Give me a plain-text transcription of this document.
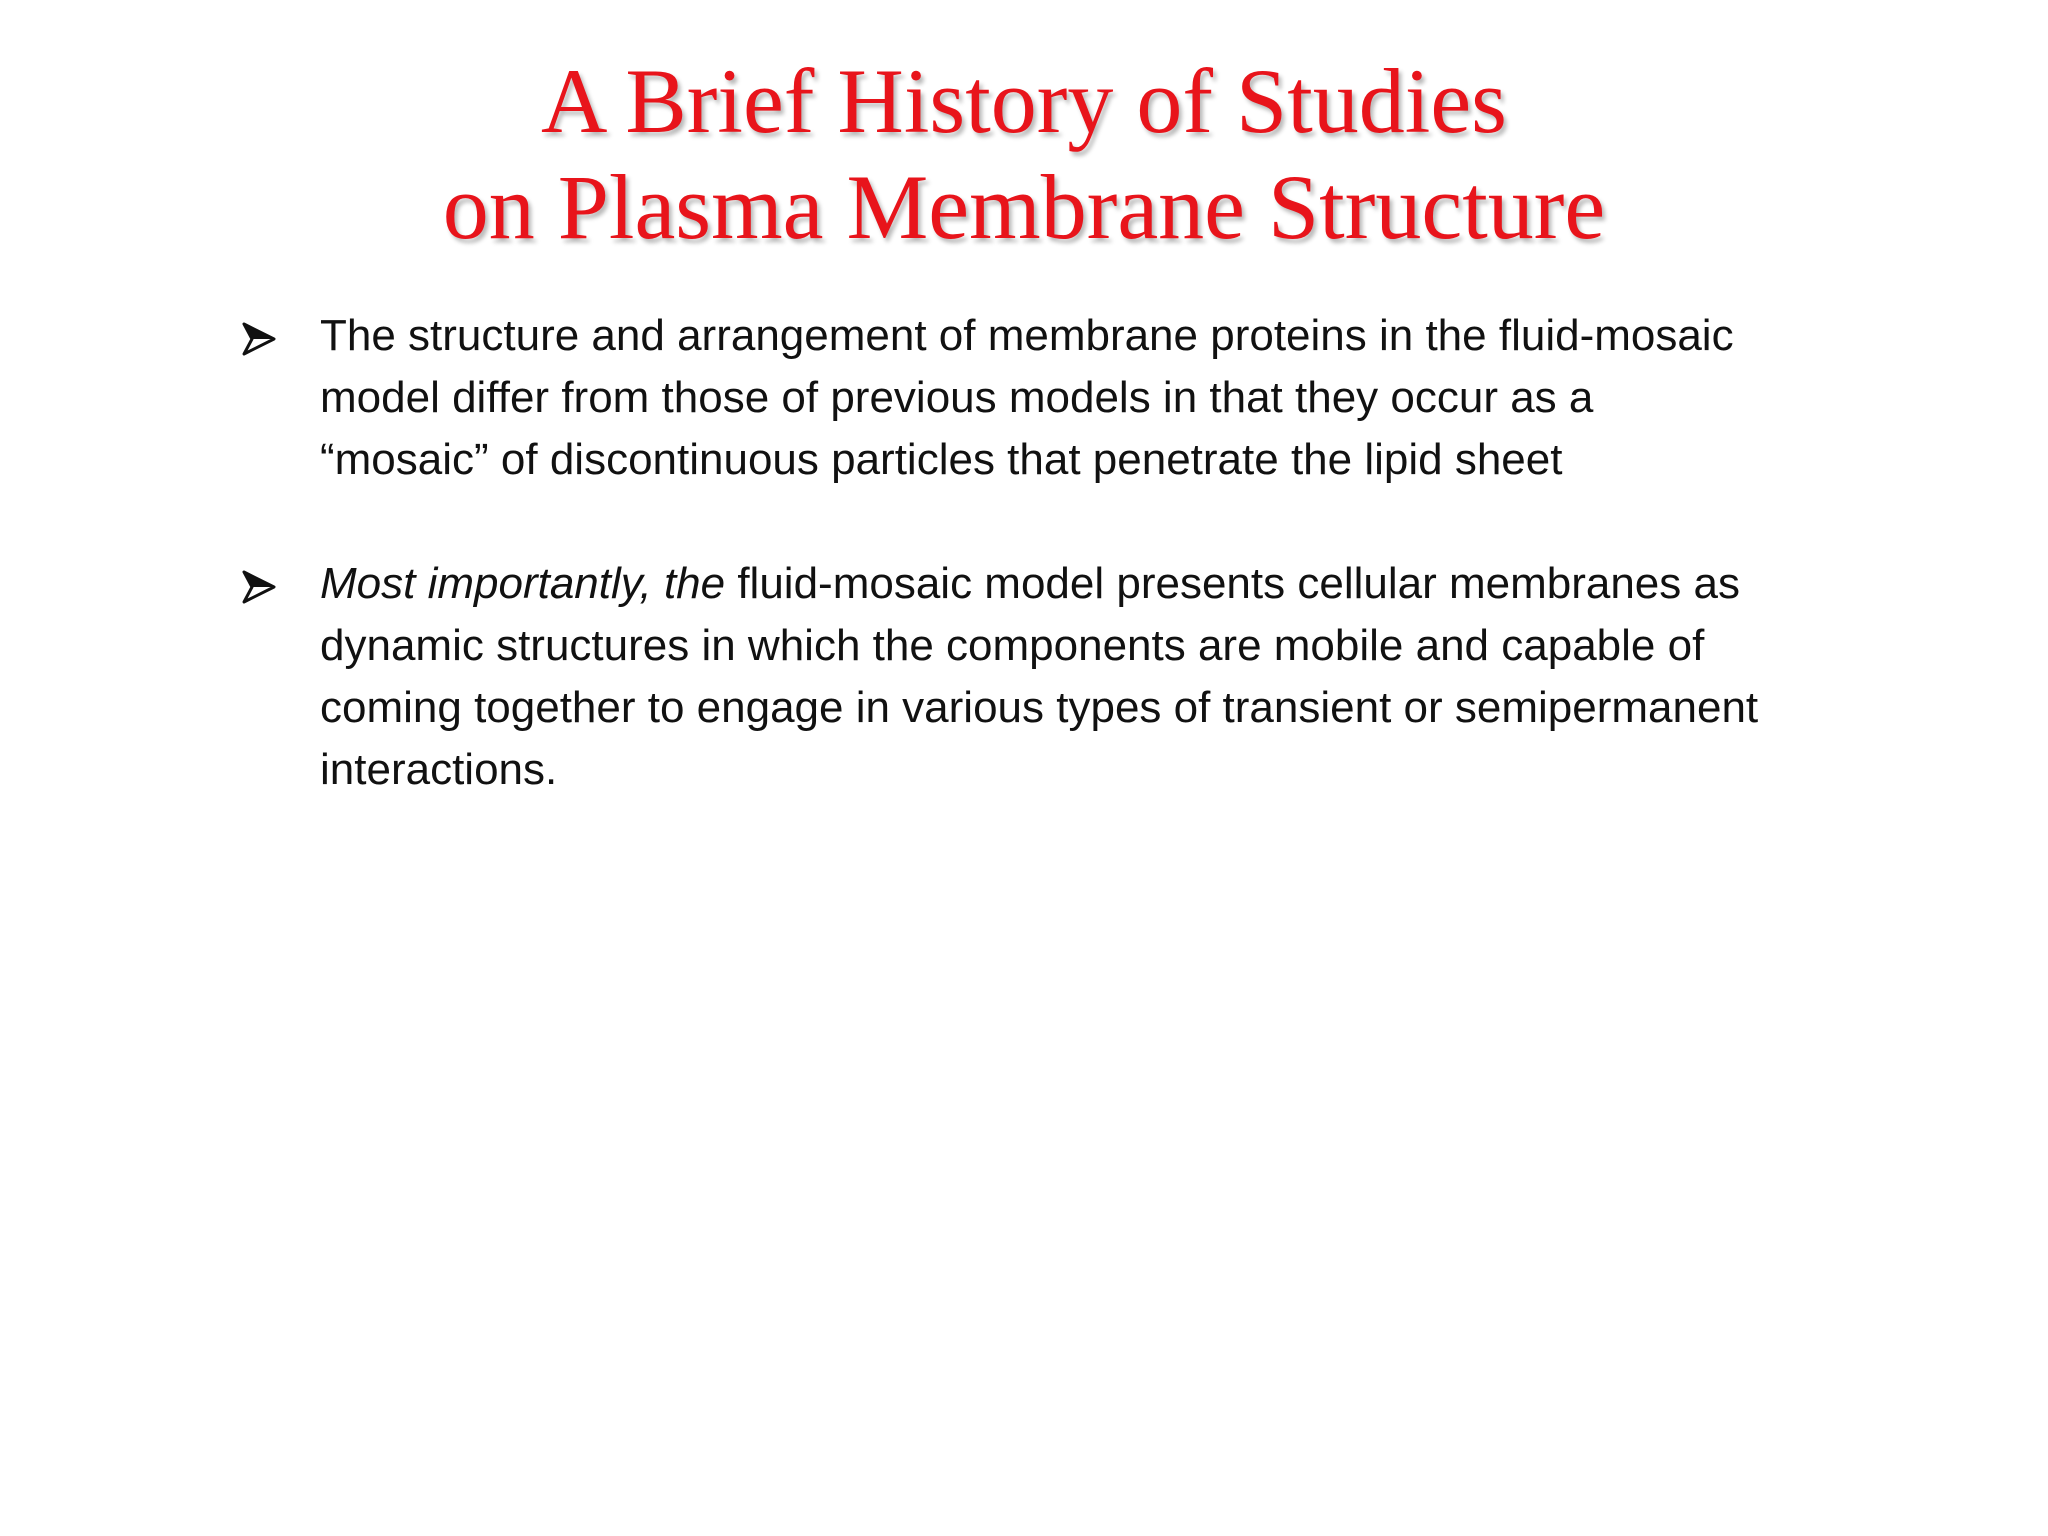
A Brief History of Studies
on Plasma Membrane Structure
The structure and arrangement of membrane proteins in the fluid-mosaic
model differ from those of previous models in that they occur as a
“mosaic” of discontinuous particles that penetrate the lipid sheet
Most importantly, the fluid-mosaic model presents cellular membranes as
dynamic structures in which the components are mobile and capable of
coming together to engage in various types of transient or semipermanent
interactions.
